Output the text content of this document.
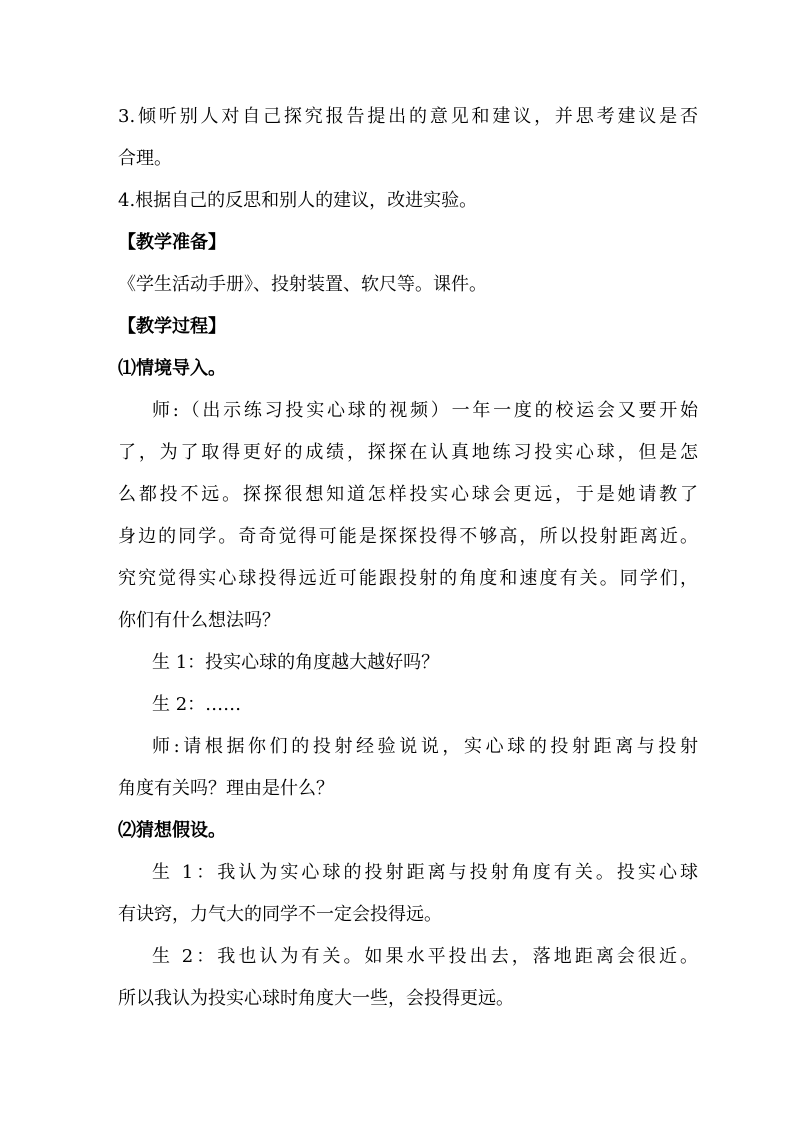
3.倾听别人对自己探究报告提出的意见和建议，并思考建议是否
合理。
4.根据自己的反思和别人的建议，改进实验。
【教学准备】
《学生活动手册》、投射装置、软尺等。课件。
【教学过程】
⑴情境导入。
师:（出示练习投实心球的视频）一年一度的校运会又要开始
了，为了取得更好的成绩，探探在认真地练习投实心球，但是怎
么都投不远。探探很想知道怎样投实心球会更远，于是她请教了
身边的同学。奇奇觉得可能是探探投得不够高，所以投射距离近。
究究觉得实心球投得远近可能跟投射的角度和速度有关。同学们，
你们有什么想法吗？
生 1：投实心球的角度越大越好吗？
生 2：……
师:请根据你们的投射经验说说，实心球的投射距离与投射
角度有关吗？理由是什么？
⑵猜想假设。
生 1：我认为实心球的投射距离与投射角度有关。投实心球
有诀窍，力气大的同学不一定会投得远。
生 2：我也认为有关。如果水平投出去，落地距离会很近。
所以我认为投实心球时角度大一些，会投得更远。
